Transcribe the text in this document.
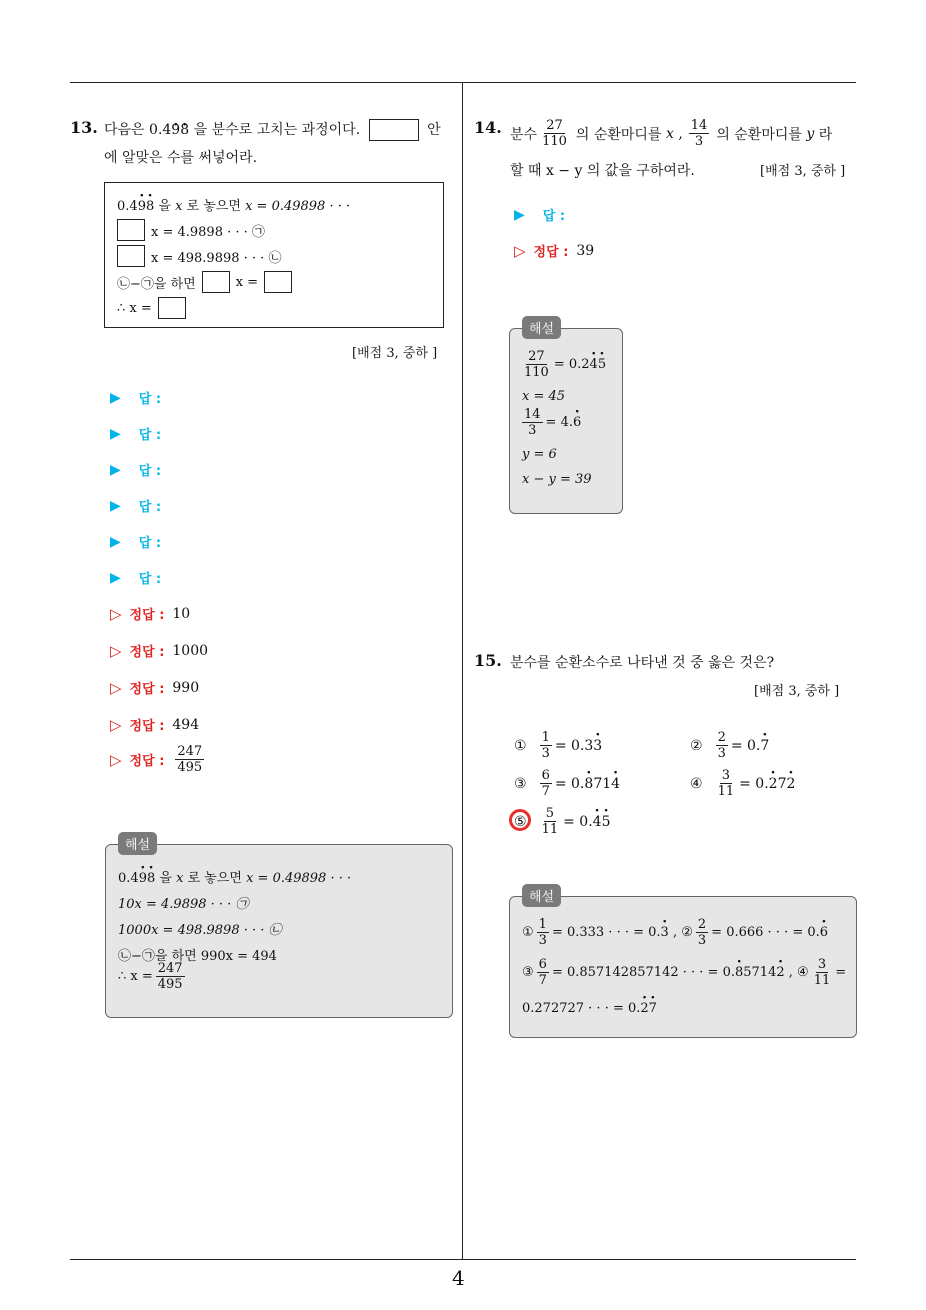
4
13. 다음은 0.49 ·8 · 을 분수로 고치는 과정이다.	안
에 알맞은 수를 써넣어라.
0.49 ·8 · 을 x 로 놓으면 x = 0.49898 · · ·
x = 4.9898 · · · ㉠
x = 498.9898 · · · ㉡
㉡−㉠을 하면	x =
∴ x =
[배점 3, 중하 ]
▶ 답 :
▶ 답 :
▶ 답 :
▶ 답 :
▶ 답 :
▶ 답 :
▷ 정답 : 10
▷ 정답 : 1000
▷ 정답 : 990
▷ 정답 : 494
▷ 정답 : $\frac{247}{495}$
해설
0.49 ·8 · 을 x 로 놓으면 x = 0.49898 · · ·
10x = 4.9898 · · · ㉠
1000x = 498.9898 · · · ㉡
㉡−㉠을 하면 990x = 494
∴ $x = \frac{247}{495}$
14. 분수 $\frac{27}{110}$ 의 순환마디를
x
, $\frac{14}{3}$ 의 순환마디를
y
라
할 때 x − y 의 값을 구하여라.	[배점 3, 중하 ]
▶ 답 :
▷ 정답 : 39
해설
$\frac{27}{110} = 0.24 \cdot 5$ ·
x = 45
$\frac{14}{3} = 4.6$ ·
y = 6
x − y = 39
15. 분수를 순환소수로 나타낸 것 중 옳은 것은?
[배점 3, 중하 ]
① $\frac{1}{3} = 0.33$ ·	② $\frac{2}{3} = 0.7$ ·
③ $\frac{6}{7} = 0.8 \cdot 714$ ·	④ $\frac{3}{11} = 0.2 \cdot 72$ ·
⑤ $\frac{5}{11} = 0.4 \cdot 5$ ·
해설
① $\frac{1}{3} = 0.333$ · · · = 0.3 · , ② $\frac{2}{3} = 0.666$ · · · = 0.6 ·
③ $\frac{6}{7} = 0.857142857142$ · · · = 0.8 ·57142 · , ④ $\frac{3}{11}$ =
0.272727 · · · = 0.2 ·7 ·
